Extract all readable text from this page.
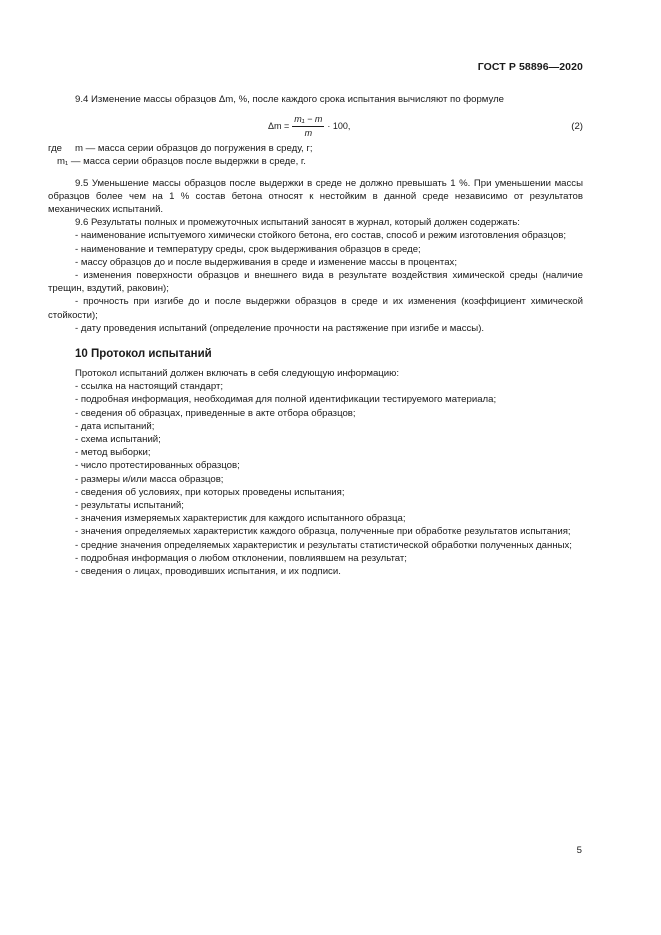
ГОСТ Р 58896—2020

9.4 Изменение массы образцов Δm, %, после каждого срока испытания вычисляют по формуле

$\Delta m = \frac{\text{m₁ − m}}{m} \cdot 100$,	(2)
где	m — масса серии образцов до погружения в среду, г;

m₁ — масса серии образцов после выдержки в среде, г.

9.5 Уменьшение массы образцов после выдержки в среде не должно превышать 1 %. При уменьшении массы образцов более чем на 1 % состав бетона относят к нестойким в данной среде независимо от результатов механических испытаний.

9.6 Результаты полных и промежуточных испытаний заносят в журнал, который должен содержать:

- наименование испытуемого химически стойкого бетона, его состав, способ и режим изготовления образцов;

- наименование и температуру среды, срок выдерживания образцов в среде;

- массу образцов до и после выдерживания в среде и изменение массы в процентах;

- изменения поверхности образцов и внешнего вида в результате воздействия химической среды (наличие трещин, вздутий, раковин);

- прочность при изгибе до и после выдержки образцов в среде и их изменения (коэффициент химической стойкости);

- дату проведения испытаний (определение прочности на растяжение при изгибе и массы).

10 Протокол испытаний

Протокол испытаний должен включать в себя следующую информацию:

- ссылка на настоящий стандарт;

- подробная информация, необходимая для полной идентификации тестируемого материала;

- сведения об образцах, приведенные в акте отбора образцов;

- дата испытаний;

- схема испытаний;

- метод выборки;

- число протестированных образцов;

- размеры и/или масса образцов;

- сведения об условиях, при которых проведены испытания;

- результаты испытаний;

- значения измеряемых характеристик для каждого испытанного образца;

- значения определяемых характеристик каждого образца, полученные при обработке результатов испытания;

- средние значения определяемых характеристик и результаты статистической обработки полученных данных;

- подробная информация о любом отклонении, повлиявшем на результат;

- сведения о лицах, проводивших испытания, и их подписи.

5
